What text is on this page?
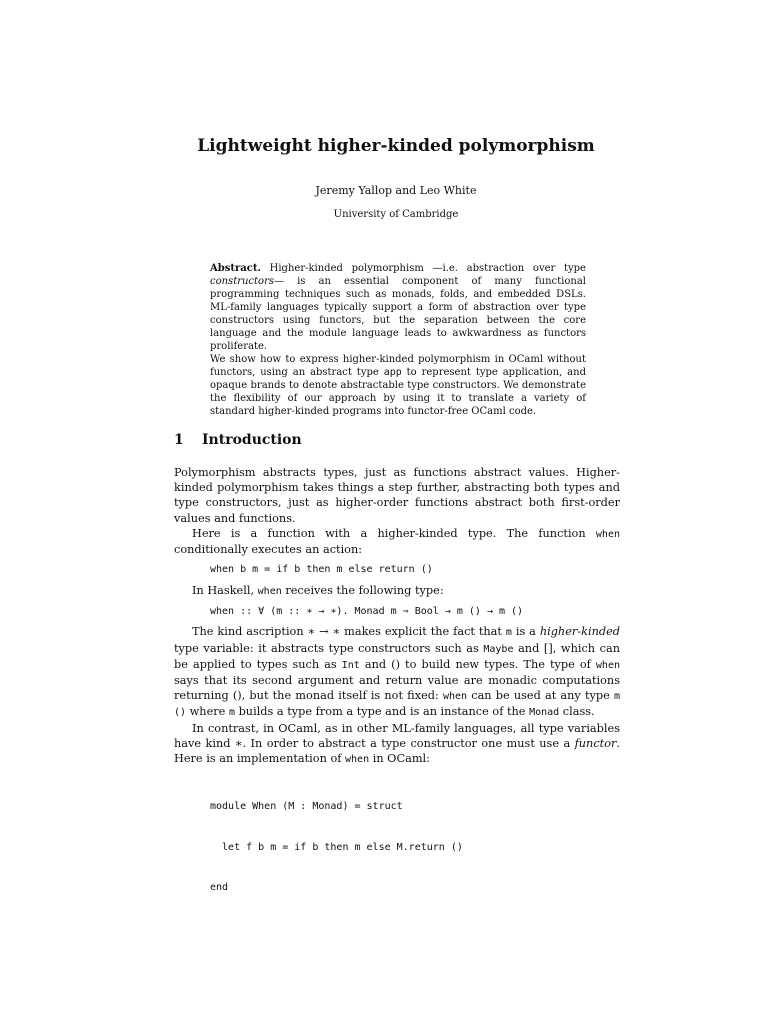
Lightweight higher-kinded polymorphism

Jeremy Yallop and Leo White

University of Cambridge

Abstract. Higher-kinded polymorphism —i.e. abstraction over type constructors— is an essential component of many functional programming techniques such as monads, folds, and embedded DSLs. ML-family languages typically support a form of abstraction over type constructors using functors, but the separation between the core language and the module language leads to awkwardness as functors proliferate.

We show how to express higher-kinded polymorphism in OCaml without functors, using an abstract type app to represent type application, and opaque brands to denote abstractable type constructors. We demonstrate the flexibility of our approach by using it to translate a variety of standard higher-kinded programs into functor-free OCaml code.

1 Introduction

Polymorphism abstracts types, just as functions abstract values. Higher-kinded polymorphism takes things a step further, abstracting both types and type constructors, just as higher-order functions abstract both first-order values and functions.

Here is a function with a higher-kinded type. The function when conditionally executes an action:

when b m = if b then m else return ()

In Haskell, when receives the following type:

when :: ∀ (m :: ∗ → ∗). Monad m ⇒ Bool → m () → m ()

The kind ascription ∗ → ∗ makes explicit the fact that m is a higher-kinded type variable: it abstracts type constructors such as Maybe and [], which can be applied to types such as Int and () to build new types. The type of when says that its second argument and return value are monadic computations returning (), but the monad itself is not fixed: when can be used at any type m () where m builds a type from a type and is an instance of the Monad class.

In contrast, in OCaml, as in other ML-family languages, all type variables have kind ∗. In order to abstract a type constructor one must use a functor. Here is an implementation of when in OCaml:

module When (M : Monad) = struct

let f b m = if b then m else M.return ()

end
